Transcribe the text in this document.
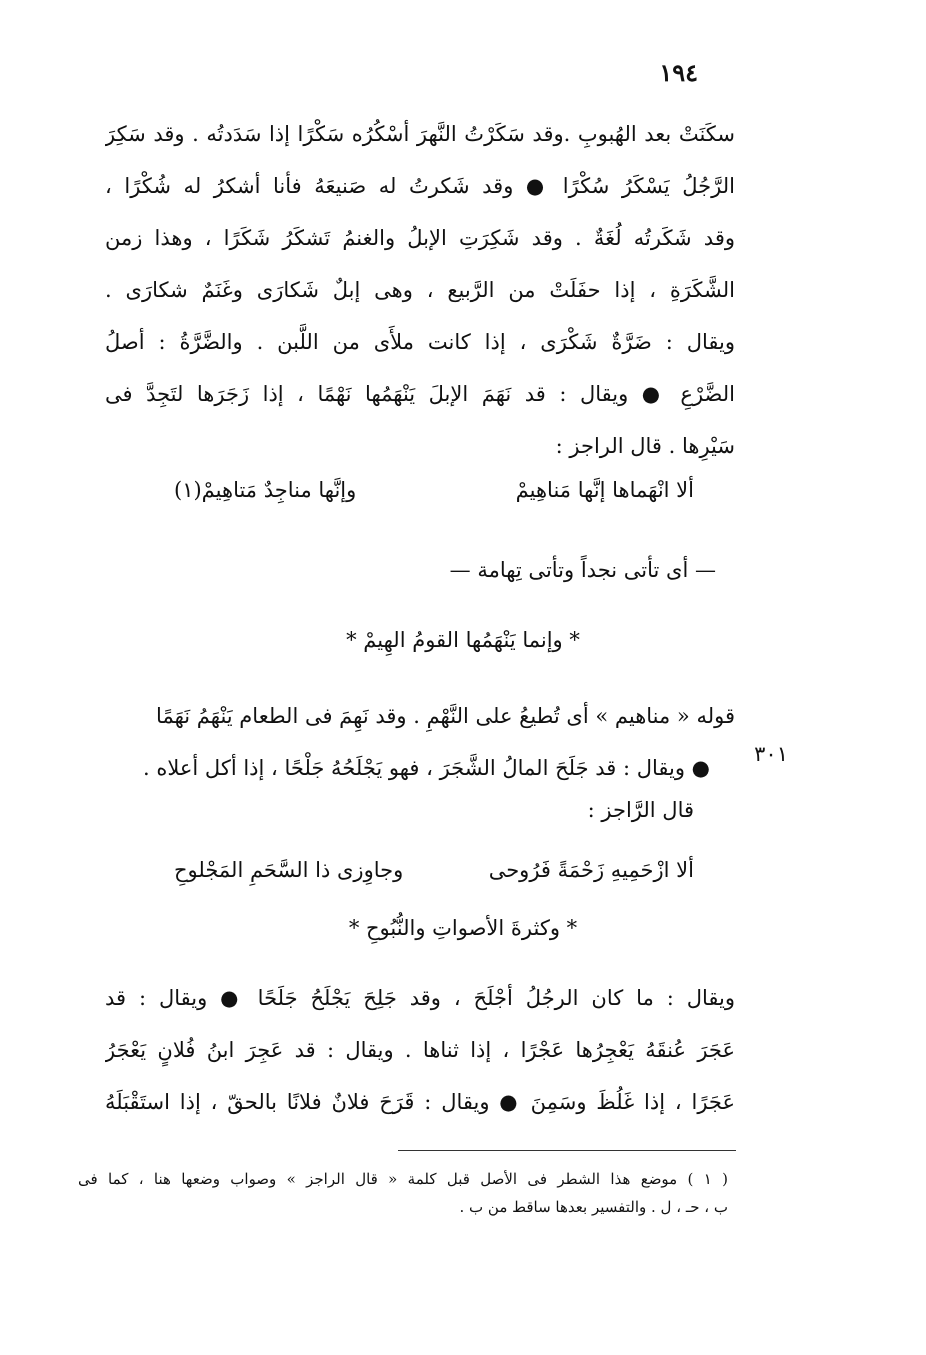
١٩٤
سكَنَتْ بعد الهُبوبِ .وقد سَكَرْتُ النَّهرَ أسْكُرُه سَكْرًا إذا سَدَدتُه . وقد سَكِرَ
الرَّجُلُ يَسْكَرُ سُكْرًا ● وقد شَكرتُ له صَنيعَهُ فأنا أشكرُ له شُكْرًا ،
وقد شَكَرتُه لُغَةٌ . وقد شَكِرَتِ الإبلُ والغنمُ تَشكَرُ شَكَرًا ، وهذا زمن
الشَّكَرَةِ ، إذا حفَلَتْ من الرَّبيع ، وهى إبلٌ شَكارَى وغَنَمٌ شكارَى .
ويقال : ضَرَّةٌ شَكْرَى ، إذا كانت ملأَى من اللَّبن . والضَّرَّةُ : أصلُ
الضَّرْعِ ● ويقال : قد نَهَمَ الإبلَ يَنْهَمُها نَهْمًا ، إذا زَجَرَها لتَجِدَّ فى
سَيْرِها . قال الراجز :
ألا انْهَماها إنَّها مَناهِيمْ
وإنَّها مناجِدٌ مَتاهِيمْ(١)
— أى تأتى نجداً وتأتى تِهامة —
* وإنما يَنْهَمُها القومُ الهِيمْ *
قوله « مناهيم » أى تُطيعُ على النَّهْمِ . وقد نَهِمَ فى الطعام يَنْهَمُ نَهَمًا
٣٠١
● ويقال : قد جَلَحَ المالُ الشَّجَرَ ، فهو يَجْلَحُهُ جَلْحًا ، إذا أكل أعلاه .
قال الرَّاجز :
ألا ازْحَمِيهِ زَحْمَةً فَرُوحى
وجاوِزى ذا السَّحَمِ المَجْلوحِ
* وكثرةَ الأصواتِ والنُّبُوحِ *
ويقال : ما كان الرجُلُ أجْلَحَ ، وقد جَلِحَ يَجْلَحُ جَلَحًا ● ويقال : قد
عَجَرَ عُنقَهُ يَعْجِرُها عَجْرًا ، إذا ثناها . ويقال : قد عَجِرَ ابنُ فُلانٍ يَعْجَرُ
عَجَرًا ، إذا غَلُظَ وسَمِنَ ● ويقال : قَرَحَ فلانٌ فلانًا بالحقّ ، إذا استَقْبَلَهُ
( ١ ) موضع هذا الشطر فى الأصل قبل كلمة « قال الراجز » وصواب وضعها هنا ، كما فى
ب ، حـ ، ل . والتفسير بعدها ساقط من ب .
